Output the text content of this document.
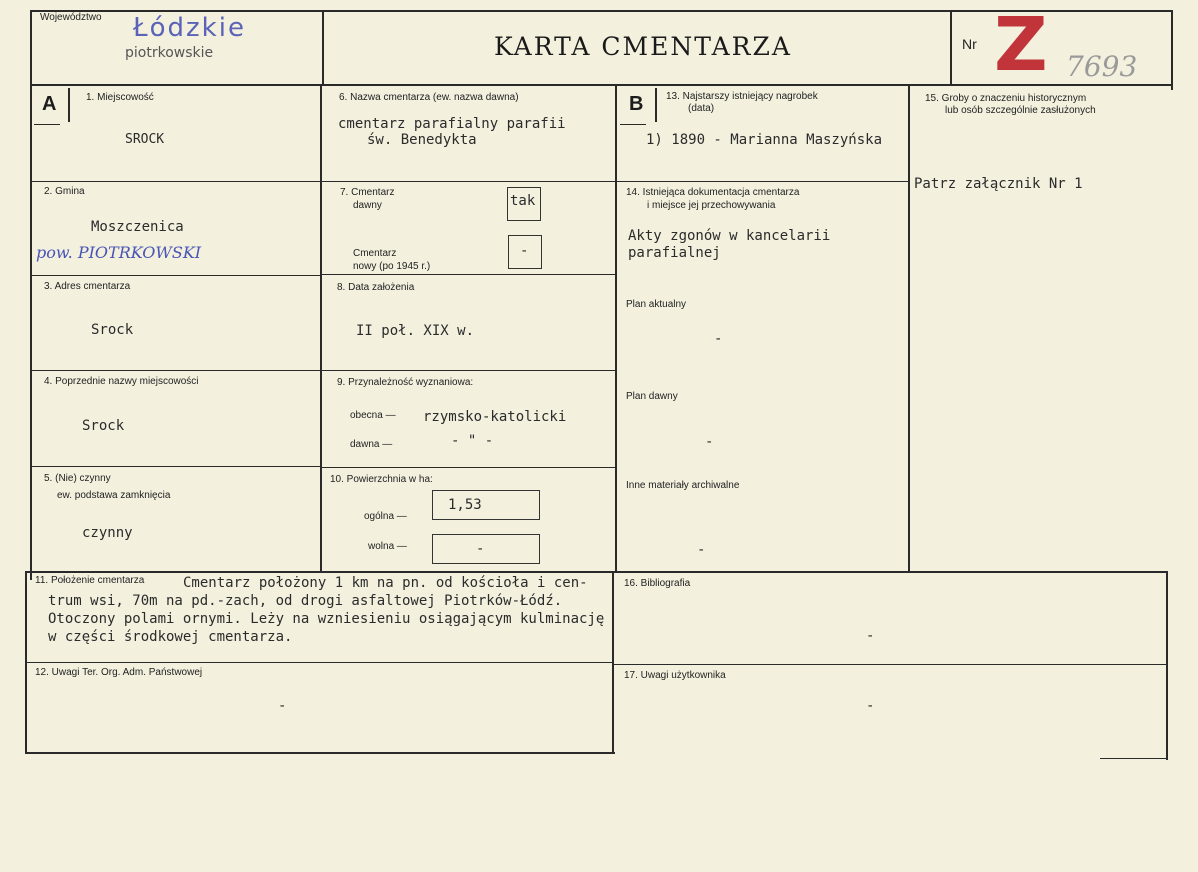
Województwo Łódzkie
piotrkowskie	KARTA CMENTARZA	Nr Z 7693
A	1. Miejscowość
SROCK
2. Gmina
Moszczenica
pow. PIOTRKOWSKI
3. Adres cmentarza
Srock
4. Poprzednie nazwy miejscowości
Srock
5. (Nie) czynny
ew. podstawa zamknięcia
czynny
6. Nazwa cmentarza (ew. nazwa dawna)
cmentarz parafialny parafii
św. Benedykta
7. Cmentarz
dawny	tak
Cmentarz
nowy (po 1945 r.)
-
8. Data założenia
II poł. XIX w.
9. Przynależność wyznaniowa:
obecna — rzymsko-katolicki
dawna —	- " -
10. Powierzchnia w ha:
ogólna —
1,53
wolna —	-
B 13. Najstarszy istniejący nagrobek
(data)
1) 1890 - Marianna Maszyńska
14. Istniejąca dokumentacja cmentarza
i miejsce jej przechowywania
Akty zgonów w kancelarii
parafialnej
Plan aktualny
-
Plan dawny
-
Inne materiały archiwalne
-
15. Groby o znaczeniu historycznym
lub osób szczególnie zasłużonych
Patrz załącznik Nr 1
11. Położenie cmentarza	Cmentarz położony 1 km na pn. od kościoła i cen-
trum wsi, 70m na pd.-zach, od drogi asfaltowej Piotrków-Łódź.
Otoczony polami ornymi. Leży na wzniesieniu osiągającym kulminację
w części środkowej cmentarza.
12. Uwagi Ter. Org. Adm. Państwowej
-
16. Bibliografia
-
17. Uwagi użytkownika
-
